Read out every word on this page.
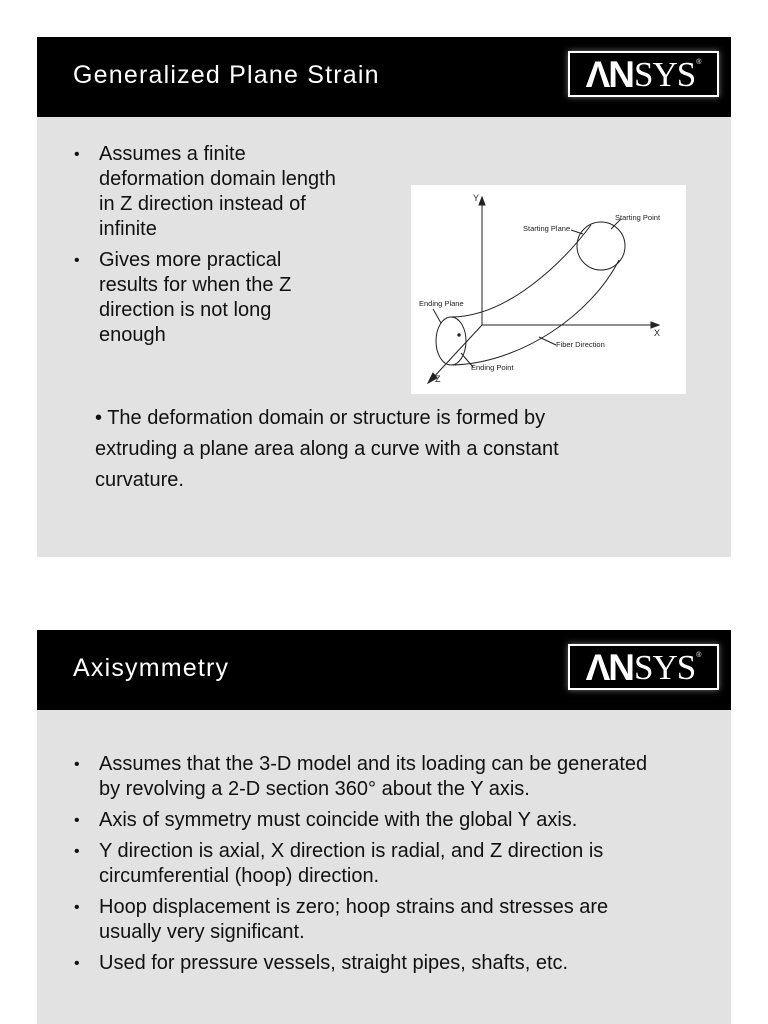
Generalized Plane Strain	ΛN SYS ®
• Assumes a finite deformation domain length in Z direction instead of infinite
• Gives more practical results for when the Z direction is not long enough
Y
X
Z
Starting Plane
Starting Point
Ending Plane
Fiber Direction
Ending Point
• The deformation domain or structure is formed by extruding a plane area along a curve with a constant curvature.
Axisymmetry	ΛN SYS ®
• Assumes that the 3-D model and its loading can be generated by revolving a 2-D section 360° about the Y axis.
• Axis of symmetry must coincide with the global Y axis.
• Y direction is axial, X direction is radial, and Z direction is circumferential (hoop) direction.
• Hoop displacement is zero; hoop strains and stresses are usually very significant.
• Used for pressure vessels, straight pipes, shafts, etc.
